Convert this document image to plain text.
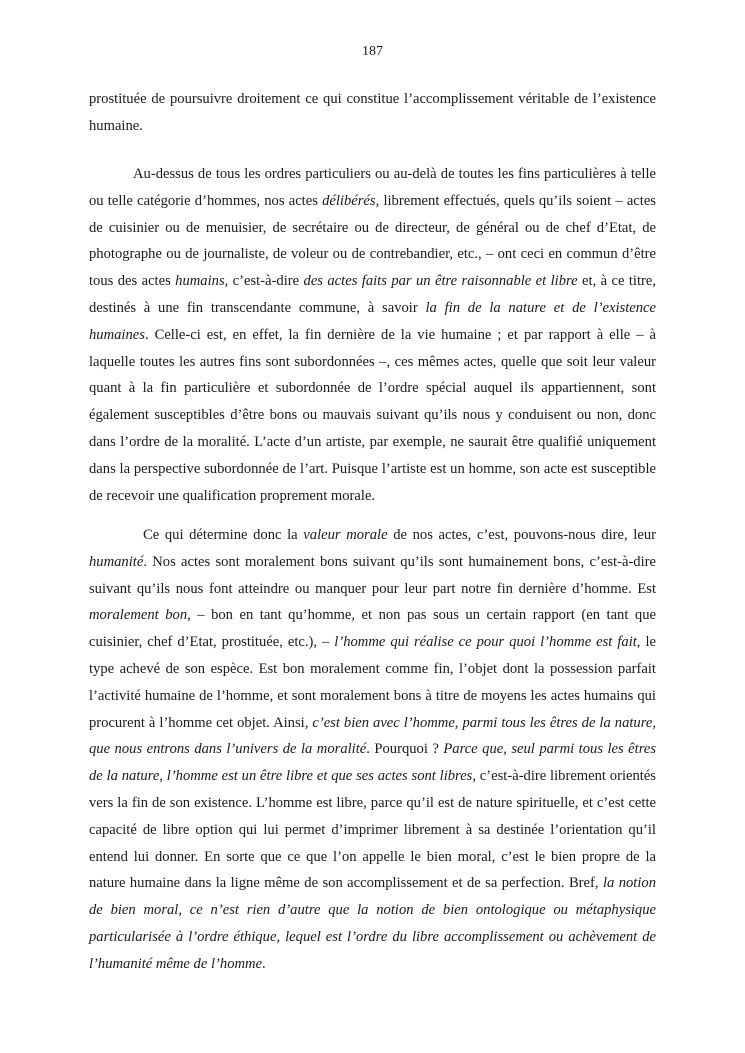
187
prostituée de poursuivre droitement ce qui constitue l’accomplissement véritable de l’existence humaine.
Au-dessus de tous les ordres particuliers ou au-delà de toutes les fins particulières à telle ou telle catégorie d’hommes, nos actes délibérés, librement effectués, quels qu’ils soient – actes de cuisinier ou de menuisier, de secrétaire ou de directeur, de général ou de chef d’Etat, de photographe ou de journaliste, de voleur ou de contrebandier, etc., – ont ceci en commun d’être tous des actes humains, c’est-à-dire des actes faits par un être raisonnable et libre et, à ce titre, destinés à une fin transcendante commune, à savoir la fin de la nature et de l’existence humaines. Celle-ci est, en effet, la fin dernière de la vie humaine ; et par rapport à elle – à laquelle toutes les autres fins sont subordonnées –, ces mêmes actes, quelle que soit leur valeur quant à la fin particulière et subordonnée de l’ordre spécial auquel ils appartiennent, sont également susceptibles d’être bons ou mauvais suivant qu’ils nous y conduisent ou non, donc dans l’ordre de la moralité. L’acte d’un artiste, par exemple, ne saurait être qualifié uniquement dans la perspective subordonnée de l’art. Puisque l’artiste est un homme, son acte est susceptible de recevoir une qualification proprement morale.
Ce qui détermine donc la valeur morale de nos actes, c’est, pouvons-nous dire, leur humanité. Nos actes sont moralement bons suivant qu’ils sont humainement bons, c’est-à-dire suivant qu’ils nous font atteindre ou manquer pour leur part notre fin dernière d’homme. Est moralement bon, – bon en tant qu’homme, et non pas sous un certain rapport (en tant que cuisinier, chef d’Etat, prostituée, etc.), – l’homme qui réalise ce pour quoi l’homme est fait, le type achevé de son espèce. Est bon moralement comme fin, l’objet dont la possession parfait l’activité humaine de l’homme, et sont moralement bons à titre de moyens les actes humains qui procurent à l’homme cet objet. Ainsi, c’est bien avec l’homme, parmi tous les êtres de la nature, que nous entrons dans l’univers de la moralité. Pourquoi ? Parce que, seul parmi tous les êtres de la nature, l’homme est un être libre et que ses actes sont libres, c’est-à-dire librement orientés vers la fin de son existence. L’homme est libre, parce qu’il est de nature spirituelle, et c’est cette capacité de libre option qui lui permet d’imprimer librement à sa destinée l’orientation qu’il entend lui donner. En sorte que ce que l’on appelle le bien moral, c’est le bien propre de la nature humaine dans la ligne même de son accomplissement et de sa perfection. Bref, la notion de bien moral, ce n’est rien d’autre que la notion de bien ontologique ou métaphysique particularisée à l’ordre éthique, lequel est l’ordre du libre accomplissement ou achèvement de l’humanité même de l’homme.
